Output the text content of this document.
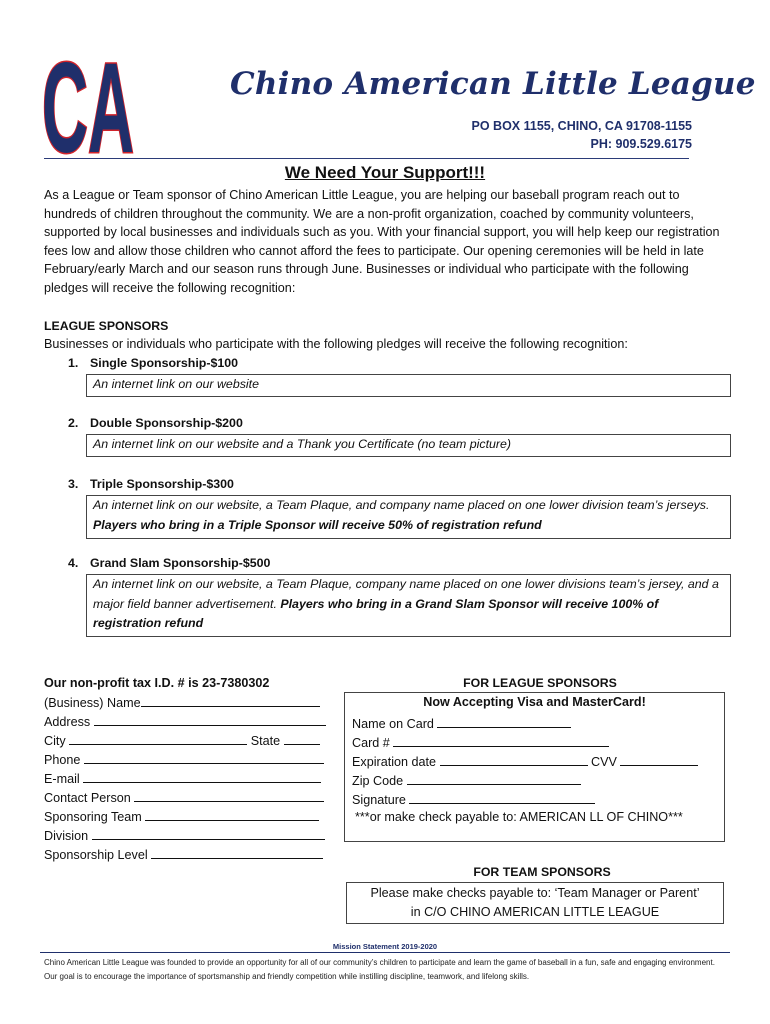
CA	Chino American Little League
PO BOX 1155, CHINO, CA 91708-1155
PH: 909.529.6175
We Need Your Support!!!
As a League or Team sponsor of Chino American Little League, you are helping our baseball program reach out to hundreds of children throughout the community. We are a non-profit organization, coached by community volunteers, supported by local businesses and individuals such as you. With your financial support, you will help keep our registration fees low and allow those children who cannot afford the fees to participate. Our opening ceremonies will be held in late February/early March and our season runs through June. Businesses or individual who participate with the following pledges will receive the following recognition:
LEAGUE SPONSORS
Businesses or individuals who participate with the following pledges will receive the following recognition:
1. Single Sponsorship-$100
An internet link on our website
2. Double Sponsorship-$200
An internet link on our website and a Thank you Certificate (no team picture)
3. Triple Sponsorship-$300
An internet link on our website, a Team Plaque, and company name placed on one lower division team’s jerseys. Players who bring in a Triple Sponsor will receive 50% of registration refund
4. Grand Slam Sponsorship-$500
An internet link on our website, a Team Plaque, company name placed on one lower divisions team’s jersey, and a major field banner advertisement. Players who bring in a Grand Slam Sponsor will receive 100% of registration refund
Our non-profit tax I.D. # is 23-7380302
(Business) Name
Address
City	State
Phone
E-mail
Contact Person
Sponsoring Team
Division
Sponsorship Level
FOR LEAGUE SPONSORS
Now Accepting Visa and MasterCard!
Name on Card
Card #
Expiration date	CVV
Zip Code
Signature
***or make check payable to: AMERICAN LL OF CHINO***
FOR TEAM SPONSORS
Please make checks payable to: ‘Team Manager or Parent’
in C/O CHINO AMERICAN LITTLE LEAGUE
Mission Statement 2019-2020
Chino American Little League was founded to provide an opportunity for all of our community’s children to participate and learn the game of baseball in a fun, safe and engaging environment. Our goal is to encourage the importance of sportsmanship and friendly competition while instilling discipline, teamwork, and lifelong skills.
